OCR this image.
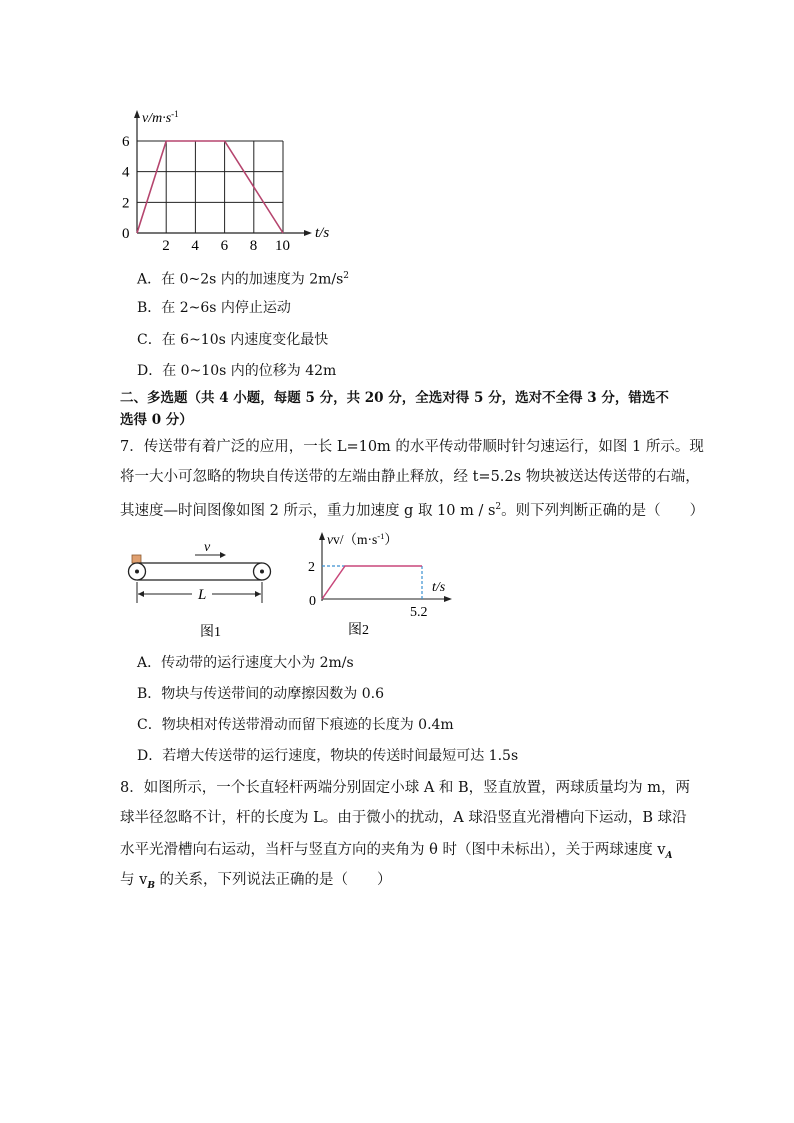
6
4
2
0
2 4 6 8 10
$v/m\cdot s^{-1}$
t/s
A．在 0~2s 内的加速度为 $2m/s^2$
B．在 2~6s 内停止运动
C．在 6~10s 内速度变化最快
D．在 0~10s 内的位移为 42m
二、多选题（共 4 小题，每题 5 分，共 20 分，全选对得 5 分，选对不全得 3 分，错选不
选得 0 分）
7．传送带有着广泛的应用，一长 L=10m 的水平传动带顺时针匀速运行，如图 1 所示。现
将一大小可忽略的物块自传送带的左端由静止释放，经 t=5.2s 物块被送达传送带的右端，
其速度—时间图像如图 2 所示，重力加速度 g 取 10 m / $s^2$。则下列判断正确的是（　　）
v
L
图1
$vv/(m\cdot s^{-1})$
2
0
t/s
5.2
图2
A．传动带的运行速度大小为 2m/s
B．物块与传送带间的动摩擦因数为 0.6
C．物块相对传送带滑动而留下痕迹的长度为 0.4m
D．若增大传送带的运行速度，物块的传送时间最短可达 1.5s
8．如图所示，一个长直轻杆两端分别固定小球 A 和 B，竖直放置，两球质量均为 m，两
球半径忽略不计，杆的长度为 L。由于微小的扰动，A 球沿竖直光滑槽向下运动，B 球沿
水平光滑槽向右运动，当杆与竖直方向的夹角为 θ 时（图中未标出），关于两球速度 $v_A$
与 $v_B$ 的关系，下列说法正确的是（　　）
